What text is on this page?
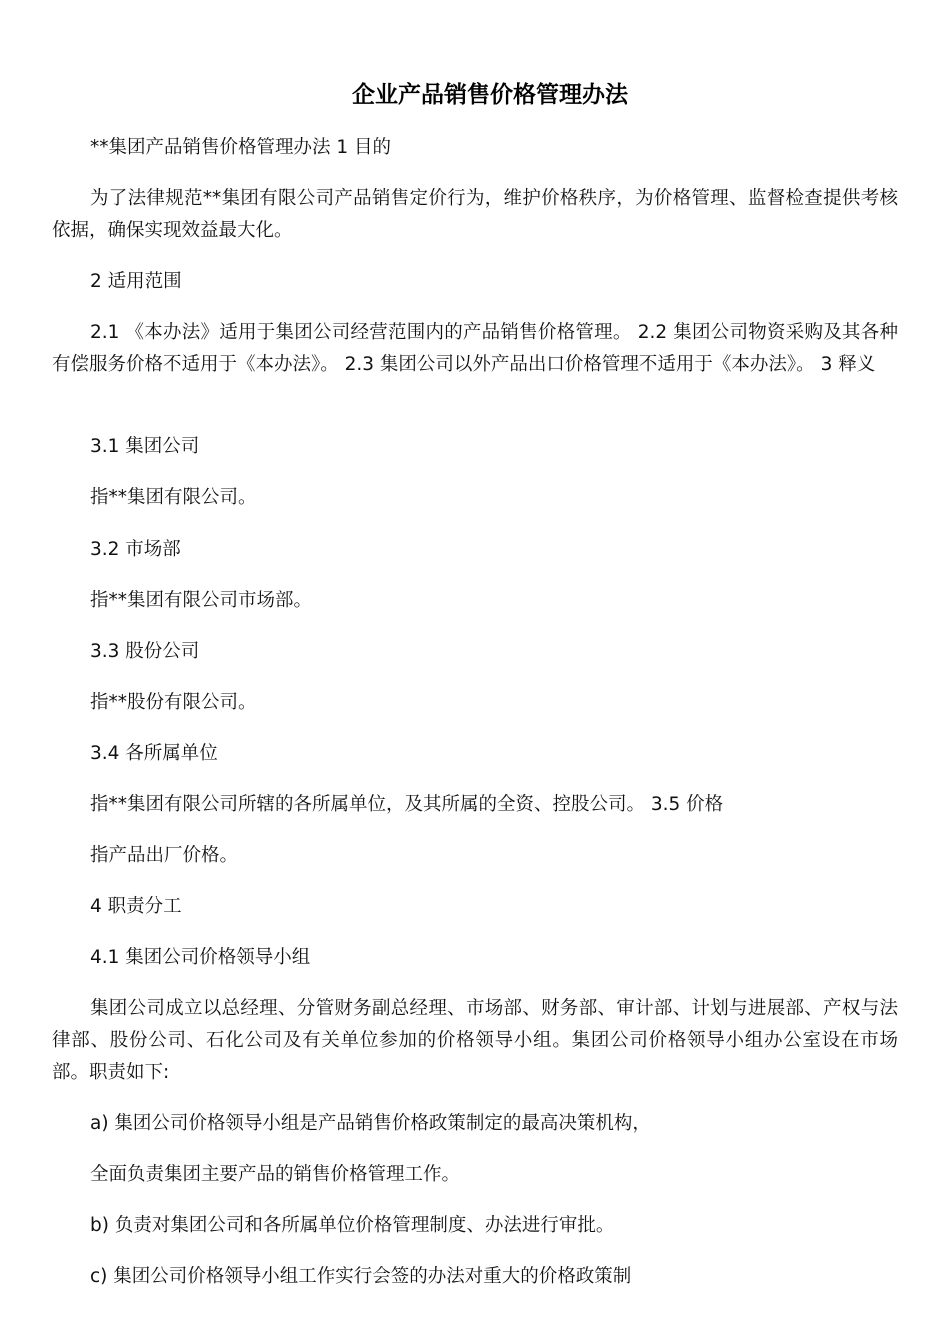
企业产品销售价格管理办法

**集团产品销售价格管理办法 1 目的

为了法律规范**集团有限公司产品销售定价行为，维护价格秩序，为价格管理、监督检查提供考核依据，确保实现效益最大化。

2 适用范围

2.1 《本办法》适用于集团公司经营范围内的产品销售价格管理。 2.2 集团公司物资采购及其各种有偿服务价格不适用于《本办法》。 2.3 集团公司以外产品出口价格管理不适用于《本办法》。 3 释义

3.1 集团公司

指**集团有限公司。

3.2 市场部

指**集团有限公司市场部。

3.3 股份公司

指**股份有限公司。

3.4 各所属单位

指**集团有限公司所辖的各所属单位，及其所属的全资、控股公司。 3.5 价格

指产品出厂价格。

4 职责分工

4.1 集团公司价格领导小组

集团公司成立以总经理、分管财务副总经理、市场部、财务部、审计部、计划与进展部、产权与法律部、股份公司、石化公司及有关单位参加的价格领导小组。集团公司价格领导小组办公室设在市场部。职责如下:

a) 集团公司价格领导小组是产品销售价格政策制定的最高决策机构，

全面负责集团主要产品的销售价格管理工作。

b) 负责对集团公司和各所属单位价格管理制度、办法进行审批。

c) 集团公司价格领导小组工作实行会签的办法对重大的价格政策制
